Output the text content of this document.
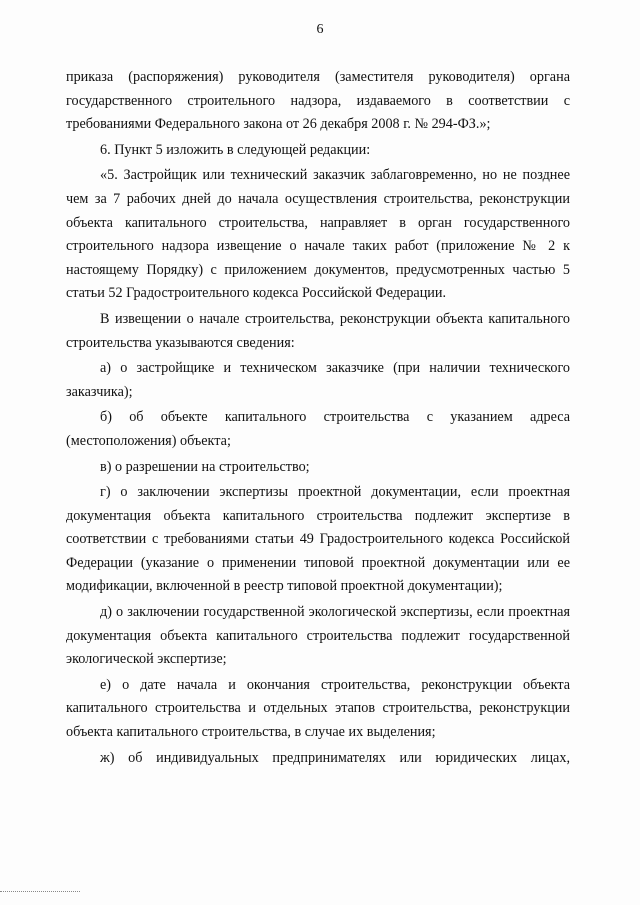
6

приказа (распоряжения) руководителя (заместителя руководителя) органа государственного строительного надзора, издаваемого в соответствии с требованиями Федерального закона от 26 декабря 2008 г. № 294-ФЗ.»;

6. Пункт 5 изложить в следующей редакции:

«5. Застройщик или технический заказчик заблаговременно, но не позднее чем за 7 рабочих дней до начала осуществления строительства, реконструкции объекта капитального строительства, направляет в орган государственного строительного надзора извещение о начале таких работ (приложение № 2 к настоящему Порядку) с приложением документов, предусмотренных частью 5 статьи 52 Градостроительного кодекса Российской Федерации.

В извещении о начале строительства, реконструкции объекта капитального строительства указываются сведения:

а) о застройщике и техническом заказчике (при наличии технического заказчика);

б) об объекте капитального строительства с указанием адреса (местоположения) объекта;

в) о разрешении на строительство;

г) о заключении экспертизы проектной документации, если проектная документация объекта капитального строительства подлежит экспертизе в соответствии с требованиями статьи 49 Градостроительного кодекса Российской Федерации (указание о применении типовой проектной документации или ее модификации, включенной в реестр типовой проектной документации);

д) о заключении государственной экологической экспертизы, если проектная документация объекта капитального строительства подлежит государственной экологической экспертизе;

е) о дате начала и окончания строительства, реконструкции объекта капитального строительства и отдельных этапов строительства, реконструкции объекта капитального строительства, в случае их выделения;

ж) об индивидуальных предпринимателях или юридических лицах,
